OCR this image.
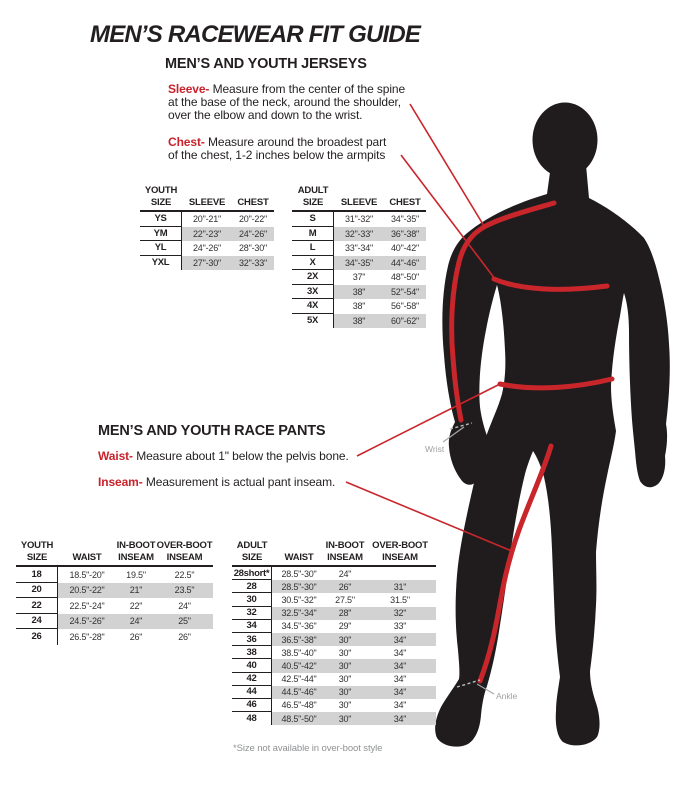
Wrist
Ankle
MEN’S RACEWEAR FIT GUIDE
MEN’S AND YOUTH JERSEYS
Sleeve- Measure from the center of the spine
at the base of the neck, around the shoulder,
over the elbow and down to the wrist.
Chest- Measure around the broadest part
of the chest, 1-2 inches below the armpits
MEN’S AND YOUTH RACE PANTS
Waist- Measure about 1" below the pelvis bone.
Inseam- Measurement is actual pant inseam.
YOUTH
SIZE	SLEEVE	CHEST
YS	20"-21"	20"-22"
YM	22"-23"	24"-26"
YL	24"-26"	28"-30"
YXL	27"-30"	32"-33"
ADULT
SIZE	SLEEVE	CHEST
S	31"-32"	34"-35"
M	32"-33"	36"-38"
L	33"-34"	40"-42"
X	34"-35"	44"-46"
2X	37"	48"-50"
3X	38"	52"-54"
4X	38"	56"-58"
5X	38"	60"-62"
YOUTH	IN-BOOT OVER-BOOT
SIZE	WAIST	INSEAM	INSEAM
18	18.5"-20"	19.5"	22.5"
20	20.5"-22"	21"	23.5"
22	22.5"-24"	22"	24"
24	24.5"-26"	24"	25"
26	26.5"-28"	26"	26"
ADULT	IN-BOOT OVER-BOOT
SIZE	WAIST	INSEAM	INSEAM
28short*	28.5"-30"	24"
28	28.5"-30"	26"	31"
30	30.5"-32"	27.5"	31.5"
32	32.5"-34"	28"	32"
34	34.5"-36"	29"	33"
36	36.5"-38"	30"	34"
38	38.5"-40"	30"	34"
40	40.5"-42"	30"	34"
42	42.5"-44"	30"	34"
44	44.5"-46"	30"	34"
46	46.5"-48"	30"	34"
48	48.5"-50"	30"	34"
*Size not available in over-boot style
